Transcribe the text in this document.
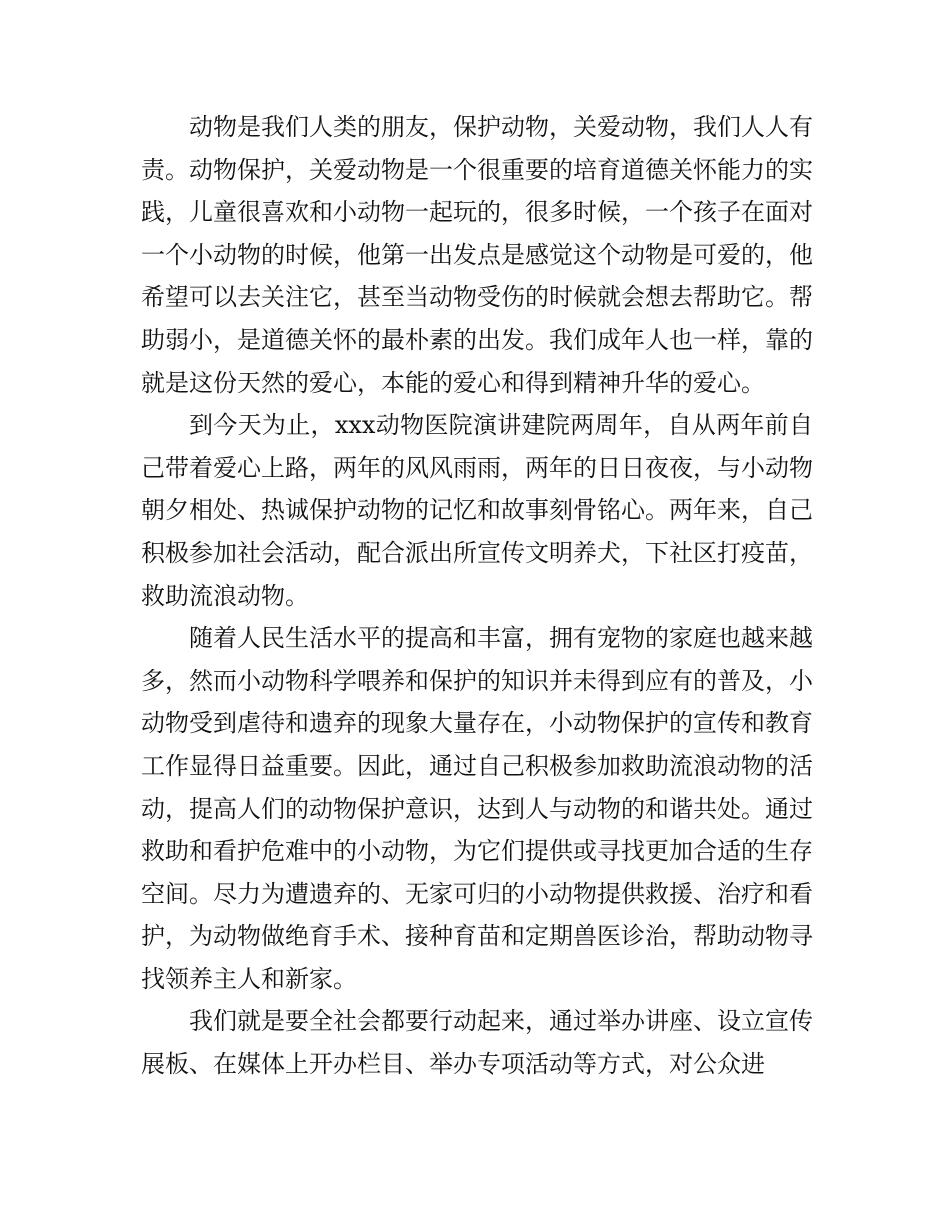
动物是我们人类的朋友，保护动物，关爱动物，我们人人有责。动物保护，关爱动物是一个很重要的培育道德关怀能力的实践，儿童很喜欢和小动物一起玩的，很多时候，一个孩子在面对一个小动物的时候，他第一出发点是感觉这个动物是可爱的，他希望可以去关注它，甚至当动物受伤的时候就会想去帮助它。帮助弱小，是道德关怀的最朴素的出发。我们成年人也一样，靠的就是这份天然的爱心，本能的爱心和得到精神升华的爱心。

到今天为止，xxx动物医院演讲建院两周年，自从两年前自己带着爱心上路，两年的风风雨雨，两年的日日夜夜，与小动物朝夕相处、热诚保护动物的记忆和故事刻骨铭心。两年来，自己积极参加社会活动，配合派出所宣传文明养犬，下社区打疫苗，救助流浪动物。

随着人民生活水平的提高和丰富，拥有宠物的家庭也越来越多，然而小动物科学喂养和保护的知识并未得到应有的普及，小动物受到虐待和遗弃的现象大量存在，小动物保护的宣传和教育工作显得日益重要。因此，通过自己积极参加救助流浪动物的活动，提高人们的动物保护意识，达到人与动物的和谐共处。通过救助和看护危难中的小动物，为它们提供或寻找更加合适的生存空间。尽力为遭遗弃的、无家可归的小动物提供救援、治疗和看护，为动物做绝育手术、接种育苗和定期兽医诊治，帮助动物寻找领养主人和新家。

我们就是要全社会都要行动起来，通过举办讲座、设立宣传展板、在媒体上开办栏目、举办专项活动等方式，对公众进
